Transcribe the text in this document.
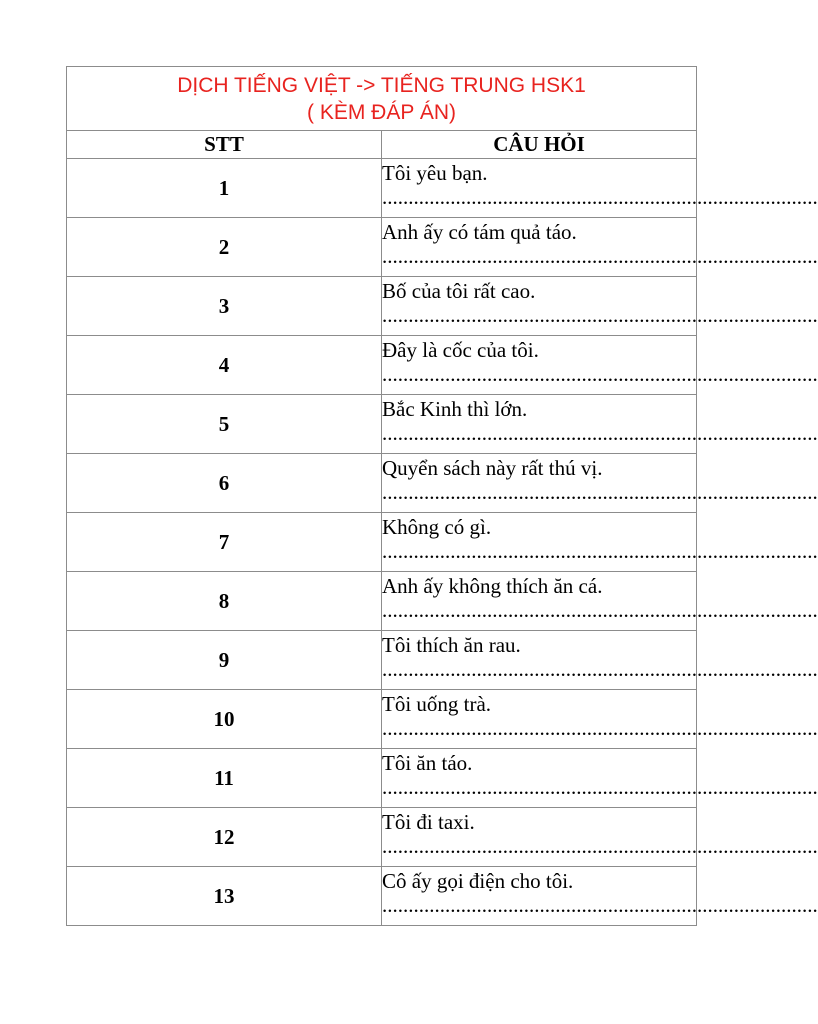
DỊCH TIẾNG VIỆT -> TIẾNG TRUNG HSK1
( KÈM ĐÁP ÁN)	

STT	CÂU HỎI
1	Tôi yêu bạn.
...................................................................................

2	Anh ấy có tám quả táo.
...................................................................................

3	Bố của tôi rất cao.
...................................................................................

4	Đây là cốc của tôi.
...................................................................................

5	Bắc Kinh thì lớn.
...................................................................................

6	Quyển sách này rất thú vị.
...................................................................................

7	Không có gì.
...................................................................................

8	Anh ấy không thích ăn cá.
...................................................................................

9	Tôi thích ăn rau.
...................................................................................

10	Tôi uống trà.
...................................................................................

11	Tôi ăn táo.
...................................................................................

12	Tôi đi taxi.
...................................................................................

13	Cô ấy gọi điện cho tôi.
...................................................................................
